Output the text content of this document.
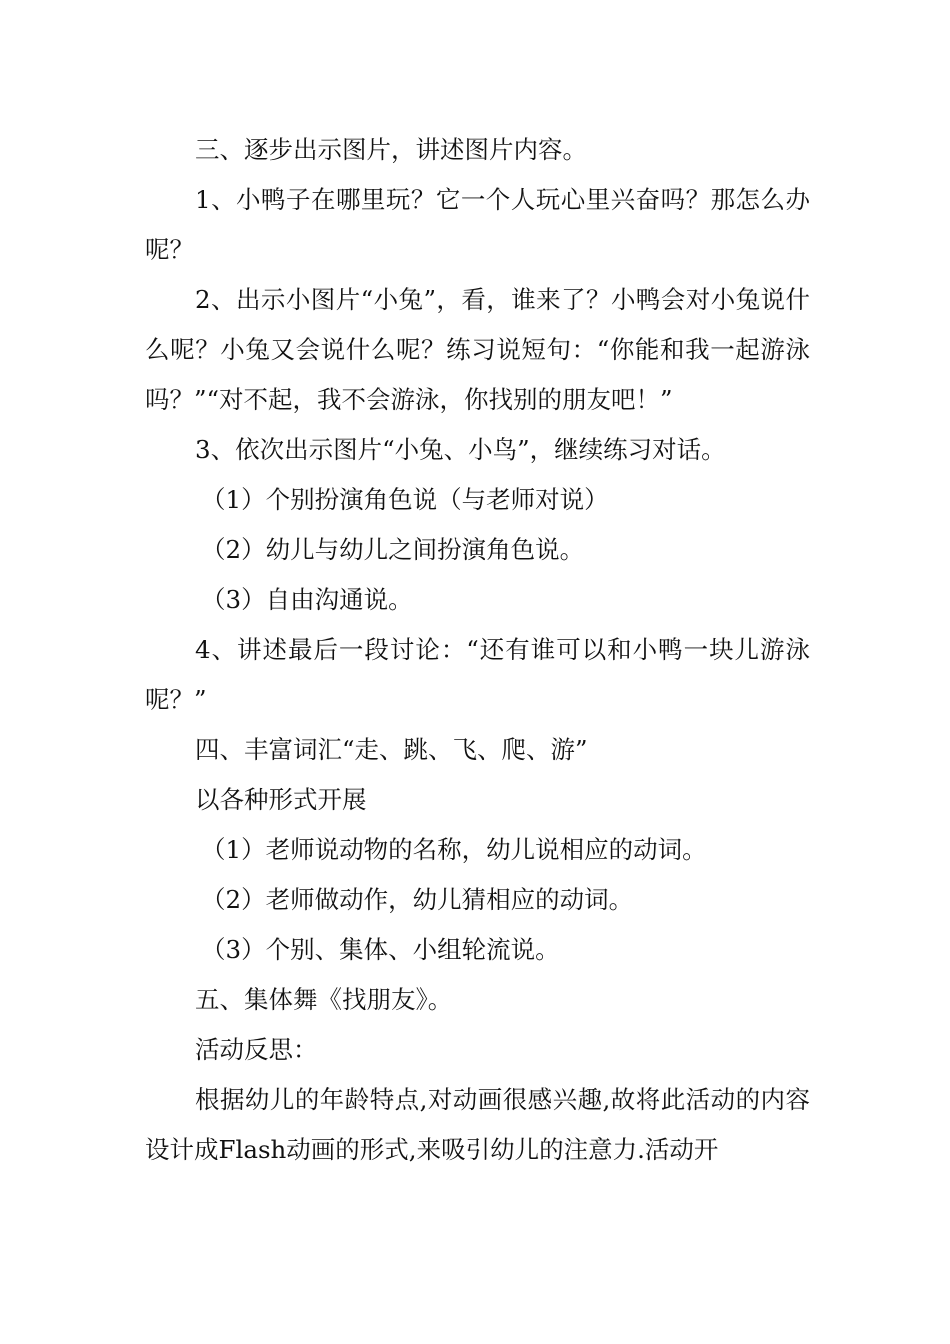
三、逐步出示图片，讲述图片内容。

1、小鸭子在哪里玩？它一个人玩心里兴奋吗？那怎么办呢？

2、出示小图片“小兔”，看，谁来了？小鸭会对小兔说什么呢？小兔又会说什么呢？练习说短句：“你能和我一起游泳吗？”“对不起，我不会游泳，你找别的朋友吧！”

3、依次出示图片“小兔、小鸟”，继续练习对话。

（1）个别扮演角色说（与老师对说）

（2）幼儿与幼儿之间扮演角色说。

（3）自由沟通说。

4、讲述最后一段讨论：“还有谁可以和小鸭一块儿游泳呢？”

四、丰富词汇“走、跳、飞、爬、游”

以各种形式开展

（1）老师说动物的名称，幼儿说相应的动词。

（2）老师做动作，幼儿猜相应的动词。

（3）个别、集体、小组轮流说。

五、集体舞《找朋友》。

活动反思：

根据幼儿的年龄特点,对动画很感兴趣,故将此活动的内容设计成Flash动画的形式,来吸引幼儿的注意力.活动开
